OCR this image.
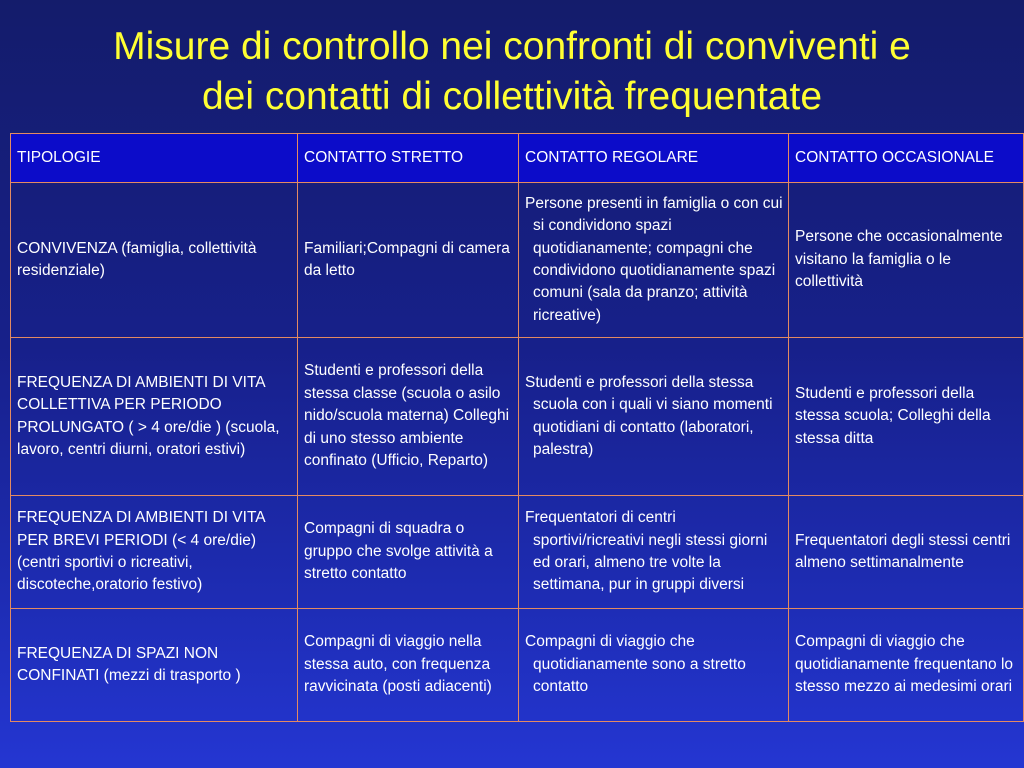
Misure di controllo nei confronti di conviventi e
dei contatti di collettività frequentate
TIPOLOGIE	CONTATTO STRETTO	CONTATTO REGOLARE	CONTATTO OCCASIONALE

CONVIVENZA (famiglia, collettività residenziale)	Familiari;Compagni di camera da letto	Persone presenti in famiglia o con cui si condividono spazi quotidianamente; compagni che condividono quotidianamente spazi comuni (sala da pranzo; attività ricreative)	Persone che occasionalmente visitano la famiglia o le collettività

FREQUENZA DI AMBIENTI DI VITA COLLETTIVA PER PERIODO PROLUNGATO ( > 4 ore/die ) (scuola, lavoro, centri diurni, oratori estivi)	Studenti e professori della stessa classe (scuola o asilo nido/scuola materna) Colleghi di uno stesso ambiente confinato (Ufficio, Reparto)	Studenti e professori della stessa scuola con i quali vi siano momenti quotidiani di contatto (laboratori, palestra)	Studenti e professori della stessa scuola; Colleghi della stessa ditta

FREQUENZA DI AMBIENTI DI VITA PER BREVI PERIODI (< 4 ore/die) (centri sportivi o ricreativi, discoteche,oratorio festivo)	Compagni di squadra o gruppo che svolge attività a stretto contatto	Frequentatori di centri sportivi/ricreativi negli stessi giorni ed orari, almeno tre volte la settimana, pur in gruppi diversi	Frequentatori degli stessi centri almeno settimanalmente

FREQUENZA DI SPAZI NON CONFINATI (mezzi di trasporto )	Compagni di viaggio nella stessa auto, con frequenza ravvicinata (posti adiacenti)	Compagni di viaggio che quotidianamente sono a stretto contatto	Compagni di viaggio che quotidianamente frequentano lo stesso mezzo ai medesimi orari
